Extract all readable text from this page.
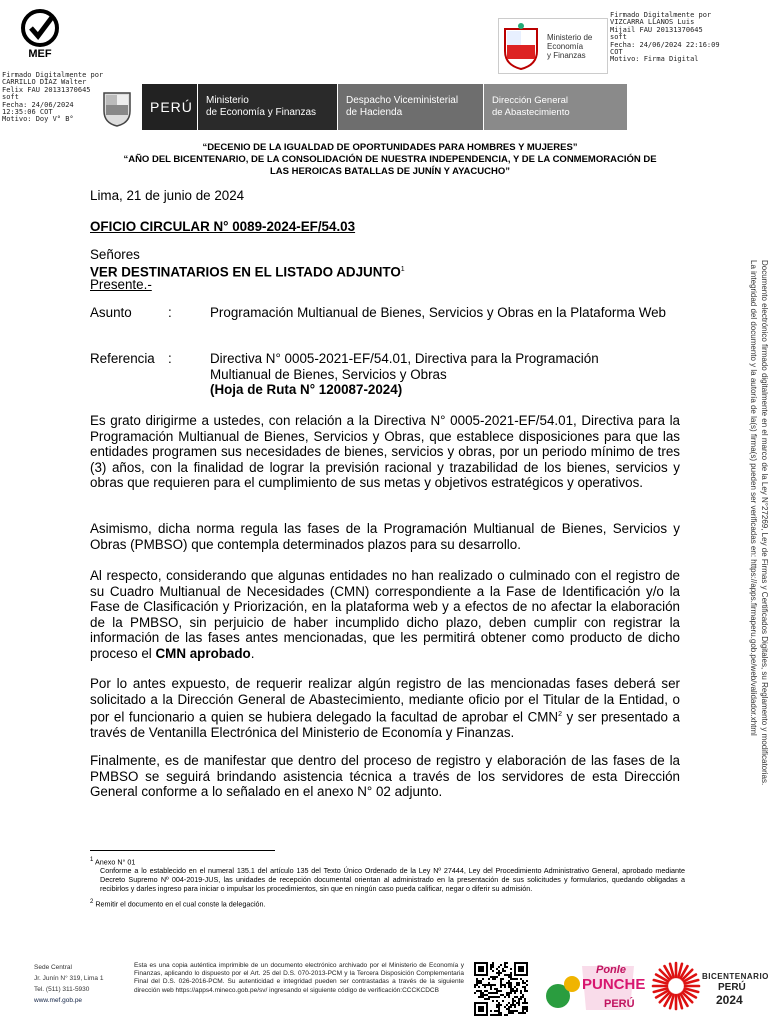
MEF
Firmado Digitalmente por
CARRILLO DIAZ Walter
Felix FAU 20131370645
soft
Fecha: 24/06/2024
12:35:06 COT
Motivo: Doy V° B°
Ministerio de
Economía
y Finanzas
Firmado Digitalmente por
VIZCARRA LLANOS Luis
Mijail FAU 20131370645
soft
Fecha: 24/06/2024 22:16:09
COT
Motivo: Firma Digital
PERÚ	Ministerio
de Economía y Finanzas
Despacho Viceministerial
de Hacienda
Dirección General
de Abastecimiento
“DECENIO DE LA IGUALDAD DE OPORTUNIDADES PARA HOMBRES Y MUJERES”
“AÑO DEL BICENTENARIO, DE LA CONSOLIDACIÓN DE NUESTRA INDEPENDENCIA, Y DE LA CONMEMORACIÓN DE
LAS HEROICAS BATALLAS DE JUNÍN Y AYACUCHO”
Lima, 21 de junio de 2024
OFICIO CIRCULAR N° 0089-2024-EF/54.03
Señores
VER DESTINATARIOS EN EL LISTADO ADJUNTO$^1$
Presente.-
Asunto	:	Programación Multianual de Bienes, Servicios y Obras en la Plataforma Web
Referencia :	Directiva N° 0005-2021-EF/54.01, Directiva para la Programación Multianual de Bienes, Servicios y Obras
(Hoja de Ruta N° 120087-2024)
Es grato dirigirme a ustedes, con relación a la Directiva N° 0005-2021-EF/54.01, Directiva para la Programación Multianual de Bienes, Servicios y Obras, que establece disposiciones para que las entidades programen sus necesidades de bienes, servicios y obras, por un periodo mínimo de tres (3) años, con la finalidad de lograr la previsión racional y trazabilidad de los bienes, servicios y obras que requieren para el cumplimiento de sus metas y objetivos estratégicos y operativos.
Asimismo, dicha norma regula las fases de la Programación Multianual de Bienes, Servicios y Obras (PMBSO) que contempla determinados plazos para su desarrollo.
Al respecto, considerando que algunas entidades no han realizado o culminado con el registro de su Cuadro Multianual de Necesidades (CMN) correspondiente a la Fase de Identificación y/o la Fase de Clasificación y Priorización, en la plataforma web y a efectos de no afectar la elaboración de la PMBSO, sin perjuicio de haber incumplido dicho plazo, deben cumplir con registrar la información de las fases antes mencionadas, que les permitirá obtener como producto de dicho proceso el CMN aprobado.
Por lo antes expuesto, de requerir realizar algún registro de las mencionadas fases deberá ser solicitado a la Dirección General de Abastecimiento, mediante oficio por el Titular de la Entidad, o por el funcionario a quien se hubiera delegado la facultad de aprobar el CMN$^2$ y ser presentado a través de Ventanilla Electrónica del Ministerio de Economía y Finanzas.
Finalmente, es de manifestar que dentro del proceso de registro y elaboración de las fases de la PMBSO se seguirá brindando asistencia técnica a través de los servidores de esta Dirección General conforme a lo señalado en el anexo N° 02 adjunto.
Documento electrónico firmado digitalmente en el marco de la Ley N°27269, Ley de Firmas y Certificados Digitales, su Reglamento y modificatorias.
La integridad del documento y la autoría de la(s) firma(s) pueden ser verificadas en: https://apps.firmaperu.gob.pe/web/validador.xhtml
$^1$ Anexo N° 01
Conforme a lo establecido en el numeral 135.1 del artículo 135 del Texto Único Ordenado de la Ley Nº 27444, Ley del Procedimiento Administrativo General, aprobado mediante Decreto Supremo Nº 004-2019-JUS, las unidades de recepción documental orientan al administrado en la presentación de sus solicitudes y formularios, quedando obligadas a recibirlos y darles ingreso para iniciar o impulsar los procedimientos, sin que en ningún caso pueda calificar, negar o diferir su admisión.
$^2$ Remitir el documento en el cual conste la delegación.
Sede Central
Jr. Junín N° 319, Lima 1
Tel. (511) 311-5930
www.mef.gob.pe
Esta es una copia auténtica imprimible de un documento electrónico archivado por el Ministerio de Economía y Finanzas, aplicando lo dispuesto por el Art. 25 del D.S. 070-2013-PCM y la Tercera Disposición Complementaria Final del D.S. 026-2016-PCM. Su autenticidad e integridad pueden ser contrastadas a través de la siguiente dirección web https://apps4.mineco.gob.pe/sv/ ingresando el siguiente código de verificación:CCCKCDCB
Ponle
PUNCHE
PERÚ
BICENTENARIO
PERÚ
2024
